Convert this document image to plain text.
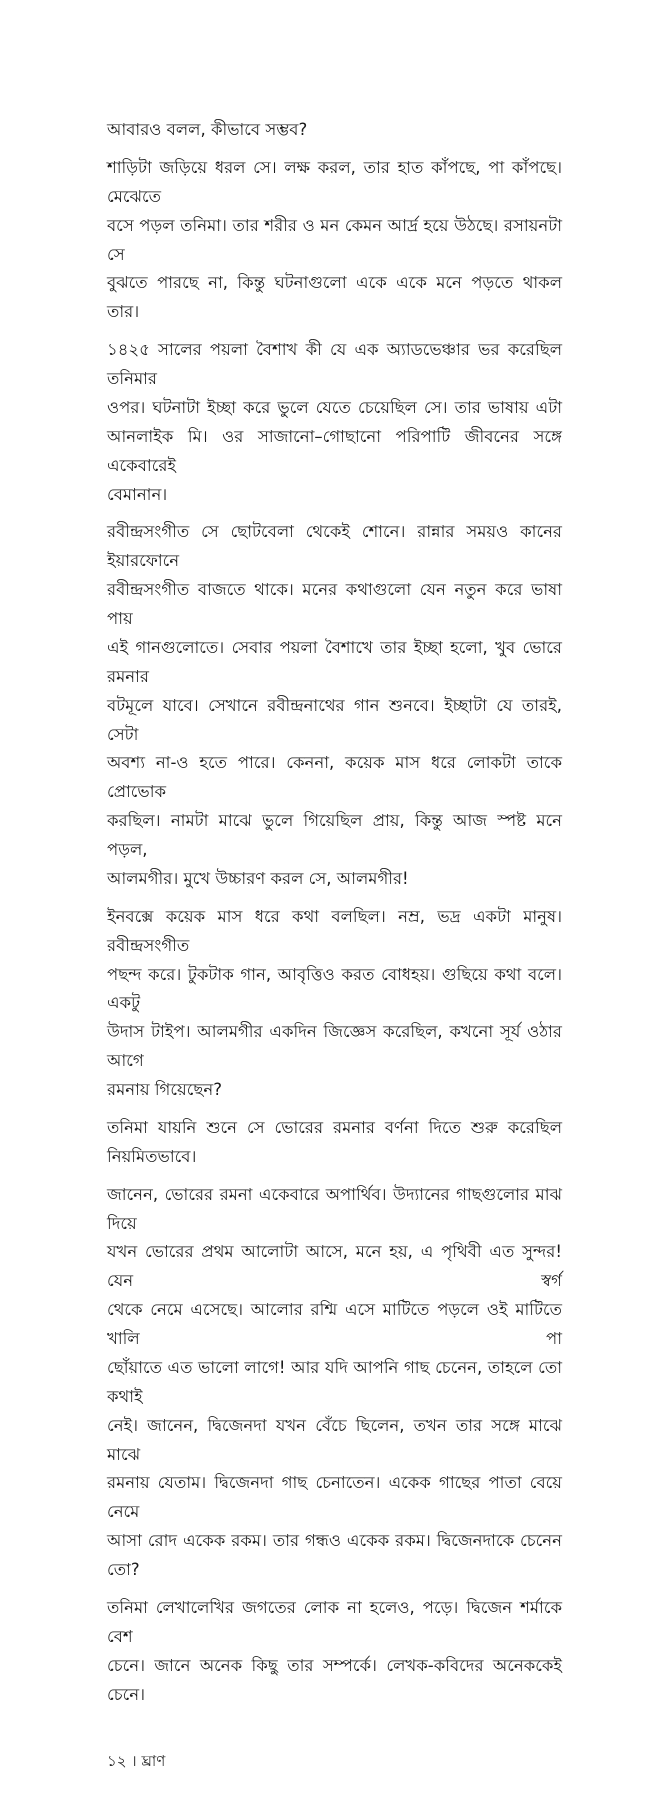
আবারও বলল, কীভাবে সম্ভব?
শাড়িটা জড়িয়ে ধরল সে। লক্ষ করল, তার হাত কাঁপছে, পা কাঁপছে। মেঝেতে
বসে পড়ল তনিমা। তার শরীর ও মন কেমন আর্দ্র হয়ে উঠছে। রসায়নটা সে
বুঝতে পারছে না, কিন্তু ঘটনাগুলো একে একে মনে পড়তে থাকল তার।
১৪২৫ সালের পয়লা বৈশাখ কী যে এক অ্যাডভেঞ্চার ভর করেছিল তনিমার
ওপর। ঘটনাটা ইচ্ছা করে ভুলে যেতে চেয়েছিল সে। তার ভাষায় এটা
আনলাইক মি। ওর সাজানো–গোছানো পরিপাটি জীবনের সঙ্গে একেবারেই
বেমানান।
রবীন্দ্রসংগীত সে ছোটবেলা থেকেই শোনে। রান্নার সময়ও কানের ইয়ারফোনে
রবীন্দ্রসংগীত বাজতে থাকে। মনের কথাগুলো যেন নতুন করে ভাষা পায়
এই গানগুলোতে। সেবার পয়লা বৈশাখে তার ইচ্ছা হলো, খুব ভোরে রমনার
বটমূলে যাবে। সেখানে রবীন্দ্রনাথের গান শুনবে। ইচ্ছাটা যে তারই, সেটা
অবশ্য না-ও হতে পারে। কেননা, কয়েক মাস ধরে লোকটা তাকে প্রোভোক
করছিল। নামটা মাঝে ভুলে গিয়েছিল প্রায়, কিন্তু আজ স্পষ্ট মনে পড়ল,
আলমগীর। মুখে উচ্চারণ করল সে, আলমগীর!
ইনবক্সে কয়েক মাস ধরে কথা বলছিল। নম্র, ভদ্র একটা মানুষ। রবীন্দ্রসংগীত
পছন্দ করে। টুকটাক গান, আবৃত্তিও করত বোধহয়। গুছিয়ে কথা বলে। একটু
উদাস টাইপ। আলমগীর একদিন জিজ্ঞেস করেছিল, কখনো সূর্য ওঠার আগে
রমনায় গিয়েছেন?
তনিমা যায়নি শুনে সে ভোরের রমনার বর্ণনা দিতে শুরু করেছিল নিয়মিতভাবে।
জানেন, ভোরের রমনা একেবারে অপার্থিব। উদ্যানের গাছগুলোর মাঝ দিয়ে
যখন ভোরের প্রথম আলোটা আসে, মনে হয়, এ পৃথিবী এত সুন্দর! যেন স্বর্গ
থেকে নেমে এসেছে। আলোর রশ্মি এসে মাটিতে পড়লে ওই মাটিতে খালি পা
ছোঁয়াতে এত ভালো লাগে! আর যদি আপনি গাছ চেনেন, তাহলে তো কথাই
নেই। জানেন, দ্বিজেনদা যখন বেঁচে ছিলেন, তখন তার সঙ্গে মাঝে মাঝে
রমনায় যেতাম। দ্বিজেনদা গাছ চেনাতেন। একেক গাছের পাতা বেয়ে নেমে
আসা রোদ একেক রকম। তার গন্ধও একেক রকম। দ্বিজেনদাকে চেনেন তো?
তনিমা লেখালেখির জগতের লোক না হলেও, পড়ে। দ্বিজেন শর্মাকে বেশ
চেনে। জানে অনেক কিছু তার সম্পর্কে। লেখক-কবিদের অনেককেই চেনে।
১২ । ঘ্রাণ
